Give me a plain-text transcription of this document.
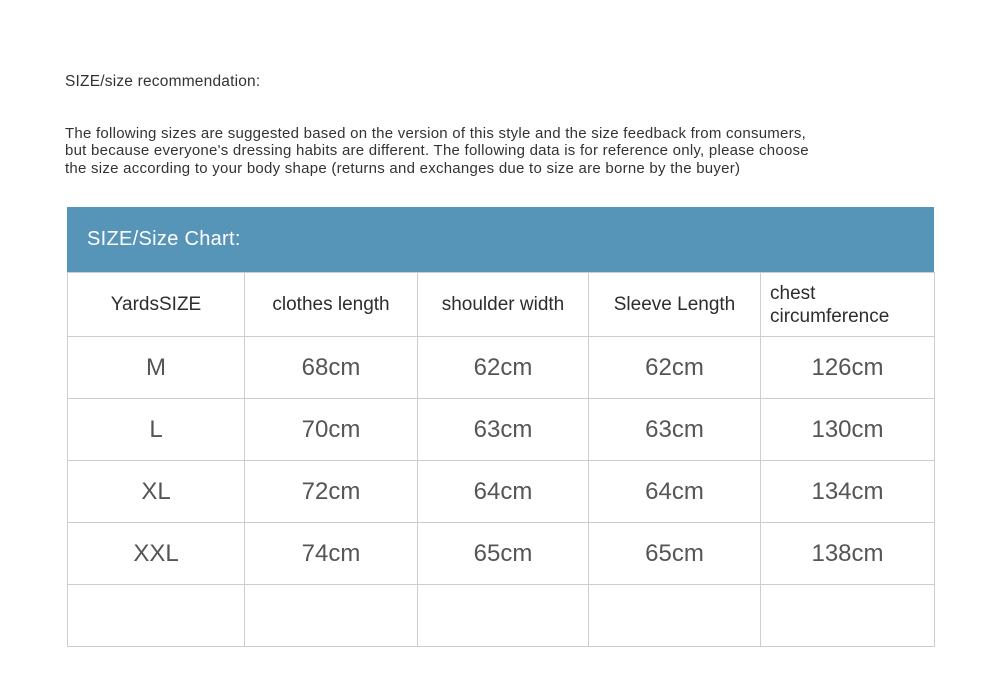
SIZE/size recommendation:
The following sizes are suggested based on the version of this style and the size feedback from consumers,
but because everyone's dressing habits are different. The following data is for reference only, please choose
the size according to your body shape (returns and exchanges due to size are borne by the buyer)
SIZE/Size Chart:
YardsSIZE	clothes length	shoulder width	Sleeve Length	chest circumference
M	68cm	62cm	62cm	126cm
L	70cm	63cm	63cm	130cm
XL	72cm	64cm	64cm	134cm
XXL	74cm	65cm	65cm	138cm
